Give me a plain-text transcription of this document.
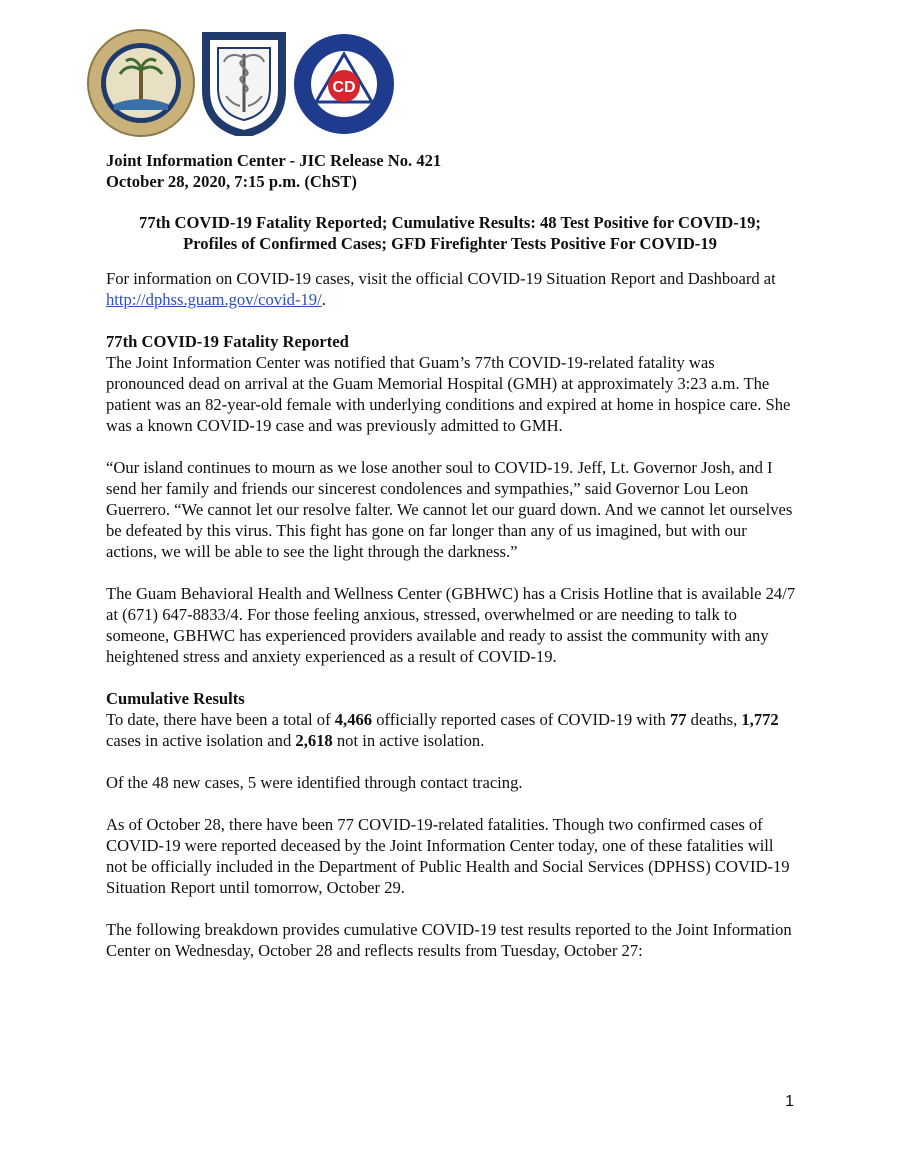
CD
Joint Information Center - JIC Release No. 421
October 28, 2020, 7:15 p.m. (ChST)
77th COVID-19 Fatality Reported; Cumulative Results: 48 Test Positive for COVID-19;
Profiles of Confirmed Cases; GFD Firefighter Tests Positive For COVID-19

For information on COVID-19 cases, visit the official COVID-19 Situation Report and Dashboard at http://dphss.guam.gov/covid-19/.

77th COVID-19 Fatality Reported
The Joint Information Center was notified that Guam’s 77th COVID-19-related fatality was pronounced dead on arrival at the Guam Memorial Hospital (GMH) at approximately 3:23 a.m. The patient was an 82-year-old female with underlying conditions and expired at home in hospice care. She was a known COVID-19 case and was previously admitted to GMH.

“Our island continues to mourn as we lose another soul to COVID-19. Jeff, Lt. Governor Josh, and I send her family and friends our sincerest condolences and sympathies,” said Governor Lou Leon Guerrero. “We cannot let our resolve falter. We cannot let our guard down. And we cannot let ourselves be defeated by this virus. This fight has gone on far longer than any of us imagined, but with our actions, we will be able to see the light through the darkness.”

The Guam Behavioral Health and Wellness Center (GBHWC) has a Crisis Hotline that is available 24/7 at (671) 647-8833/4. For those feeling anxious, stressed, overwhelmed or are needing to talk to someone, GBHWC has experienced providers available and ready to assist the community with any heightened stress and anxiety experienced as a result of COVID-19.

Cumulative Results
To date, there have been a total of 4,466 officially reported cases of COVID-19 with 77 deaths, 1,772 cases in active isolation and 2,618 not in active isolation.

Of the 48 new cases, 5 were identified through contact tracing.

As of October 28, there have been 77 COVID-19-related fatalities. Though two confirmed cases of COVID-19 were reported deceased by the Joint Information Center today, one of these fatalities will not be officially included in the Department of Public Health and Social Services (DPHSS) COVID-19 Situation Report until tomorrow, October 29.

The following breakdown provides cumulative COVID-19 test results reported to the Joint Information Center on Wednesday, October 28 and reflects results from Tuesday, October 27:

1
